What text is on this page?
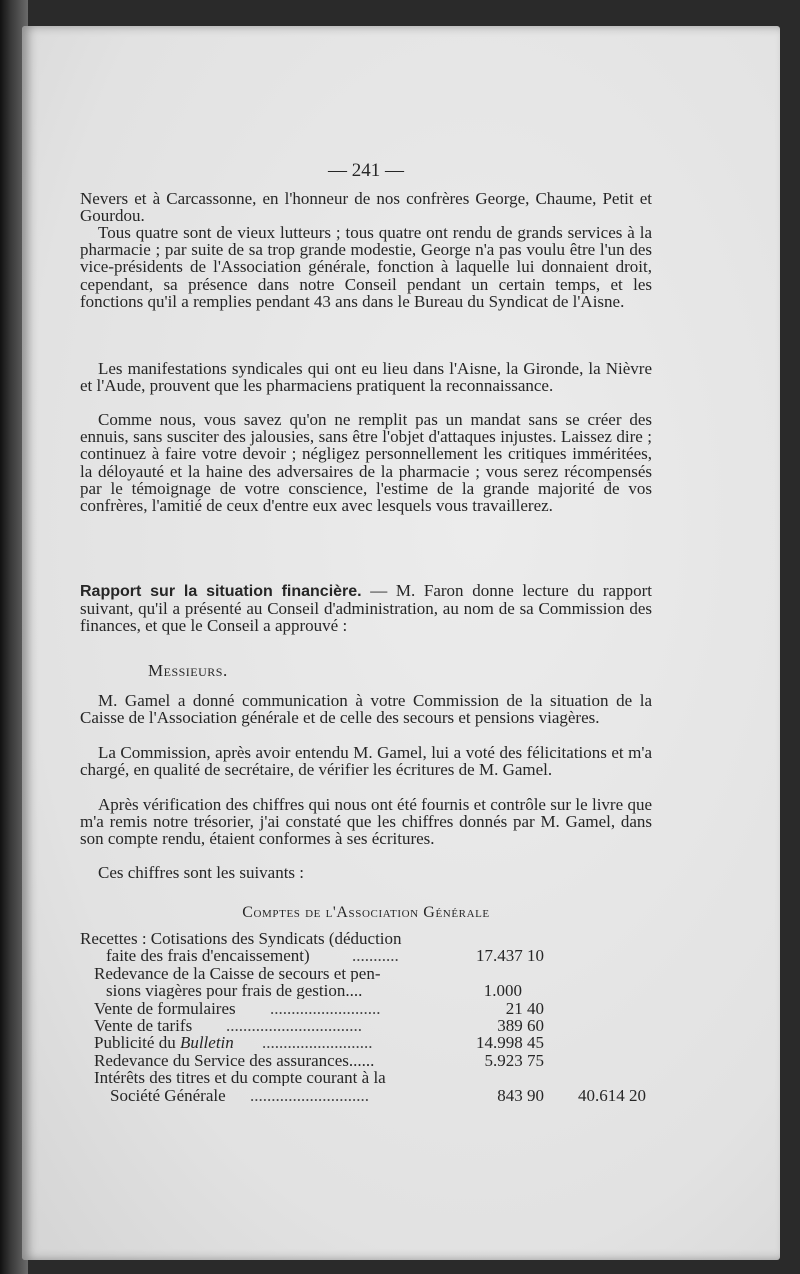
— 241 —
Nevers et à Carcassonne, en l'honneur de nos confrères George, Chaume, Petit et Gourdou.
Tous quatre sont de vieux lutteurs ; tous quatre ont rendu de grands services à la pharmacie ; par suite de sa trop grande modestie, George n'a pas voulu être l'un des vice-présidents de l'Association générale, fonction à laquelle lui donnaient droit, cependant, sa présence dans notre Conseil pendant un certain temps, et les fonctions qu'il a remplies pendant 43 ans dans le Bureau du Syndicat de l'Aisne.
Les manifestations syndicales qui ont eu lieu dans l'Aisne, la Gironde, la Nièvre et l'Aude, prouvent que les pharmaciens pratiquent la reconnaissance.
Comme nous, vous savez qu'on ne remplit pas un mandat sans se créer des ennuis, sans susciter des jalousies, sans être l'objet d'attaques injustes. Laissez dire ; continuez à faire votre devoir ; négligez personnellement les critiques imméritées, la déloyauté et la haine des adversaires de la pharmacie ; vous serez récompensés par le témoignage de votre conscience, l'estime de la grande majorité de vos confrères, l'amitié de ceux d'entre eux avec lesquels vous travaillerez.
Rapport sur la situation financière. — M. Faron donne lecture du rapport suivant, qu'il a présenté au Conseil d'administration, au nom de sa Commission des finances, et que le Conseil a approuvé :
Messieurs.
M. Gamel a donné communication à votre Commission de la situation de la Caisse de l'Association générale et de celle des secours et pensions viagères.
La Commission, après avoir entendu M. Gamel, lui a voté des félicitations et m'a chargé, en qualité de secrétaire, de vérifier les écritures de M. Gamel.
Après vérification des chiffres qui nous ont été fournis et contrôle sur le livre que m'a remis notre trésorier, j'ai constaté que les chiffres donnés par M. Gamel, dans son compte rendu, étaient conformes à ses écritures.
Ces chiffres sont les suivants :
Comptes de l'Association Générale
Recettes : Cotisations des Syndicats (déduction
faite des frais d'encaissement) ...........	17.437 10
Redevance de la Caisse de secours et pen-
sions viagères pour frais de gestion....	1.000
Vente de formulaires ..........................	21 40
Vente de tarifs ................................	389 60
Publicité du Bulletin ..........................	14.998 45
Redevance du Service des assurances......	5.923 75
Intérêts des titres et du compte courant à la
Société Générale ............................	843 90	40.614 20
